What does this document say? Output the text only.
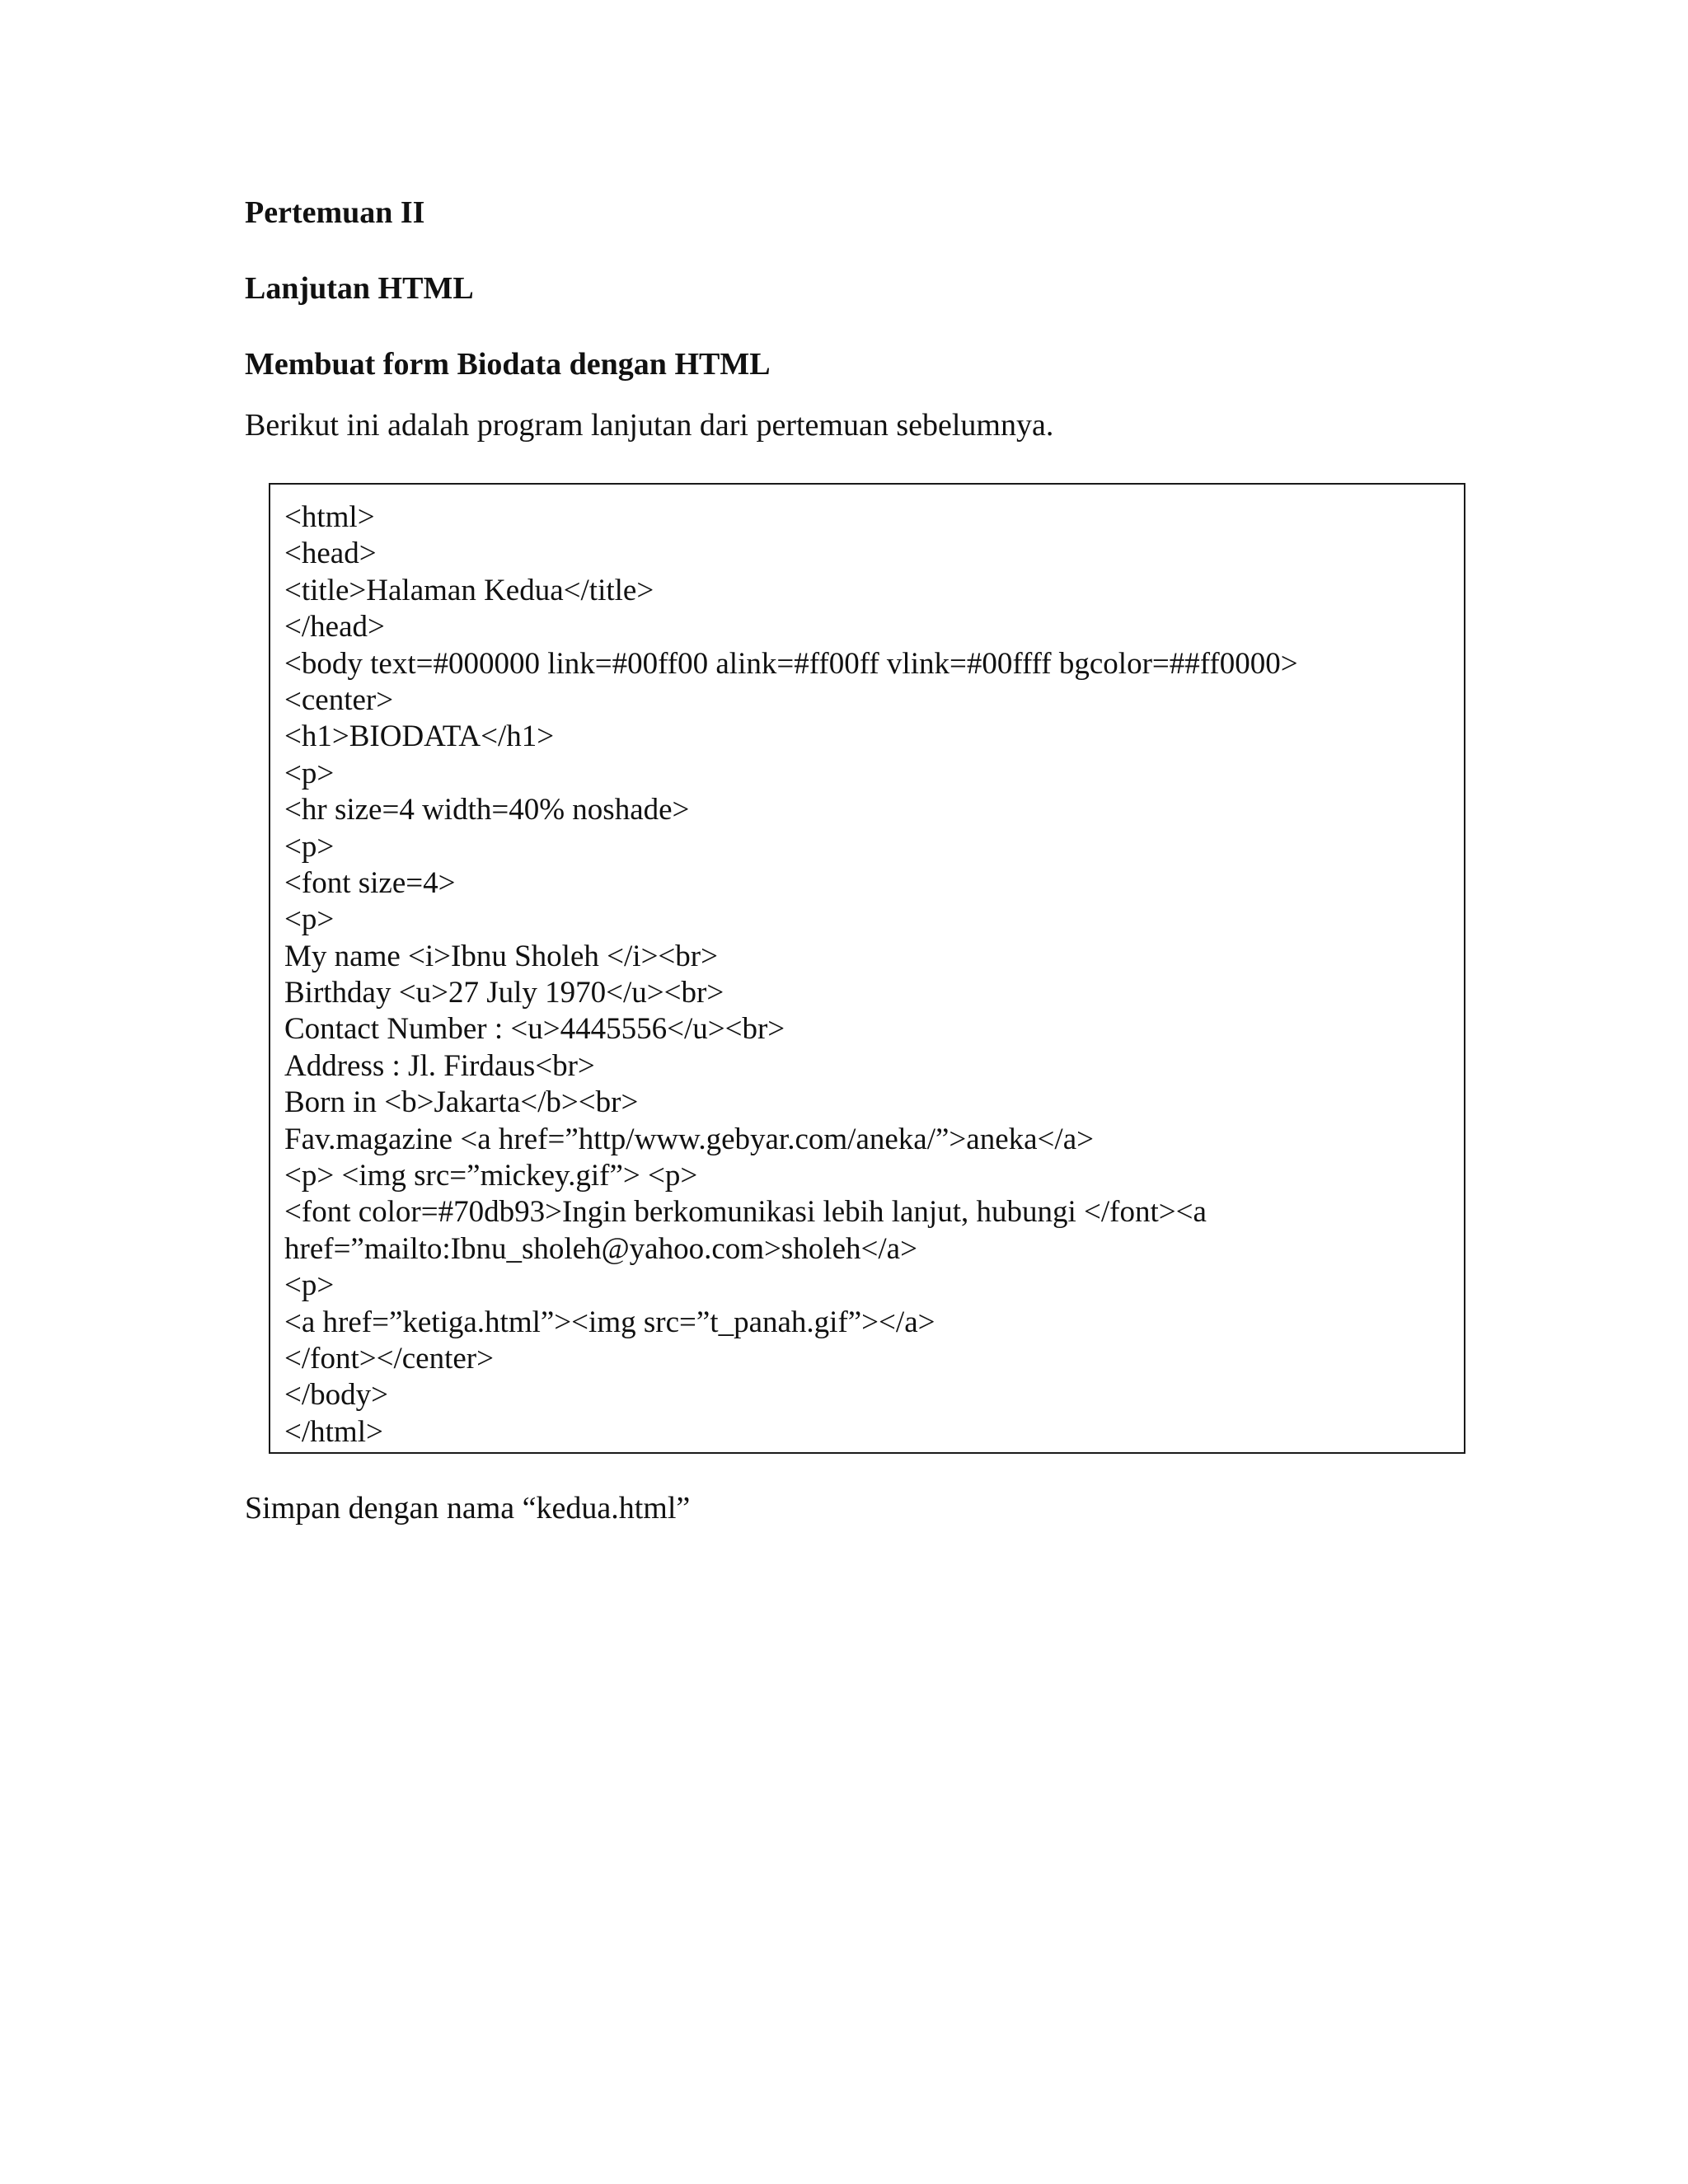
Pertemuan II
Lanjutan HTML
Membuat form Biodata dengan HTML

Berikut ini adalah program lanjutan dari pertemuan sebelumnya.

<html>
<head>
<title>Halaman Kedua</title>
</head>
<body text=#000000 link=#00ff00 alink=#ff00ff vlink=#00ffff bgcolor=##ff0000>
<center>
<h1>BIODATA</h1>
<p>
<hr size=4 width=40% noshade>
<p>
<font size=4>
<p>
My name <i>Ibnu Sholeh </i><br>
Birthday <u>27 July 1970</u><br>
Contact Number : <u>4445556</u><br>
Address : Jl. Firdaus<br>
Born in <b>Jakarta</b><br>
Fav.magazine <a href=”http/www.gebyar.com/aneka/”>aneka</a>
<p> <img src=”mickey.gif”> <p>
<font color=#70db93>Ingin berkomunikasi lebih lanjut, hubungi </font><a
href=”mailto:Ibnu_sholeh@yahoo.com>sholeh</a>
<p>
<a href=”ketiga.html”><img src=”t_panah.gif”></a>
</font></center>
</body>
</html>

Simpan dengan nama “kedua.html”
